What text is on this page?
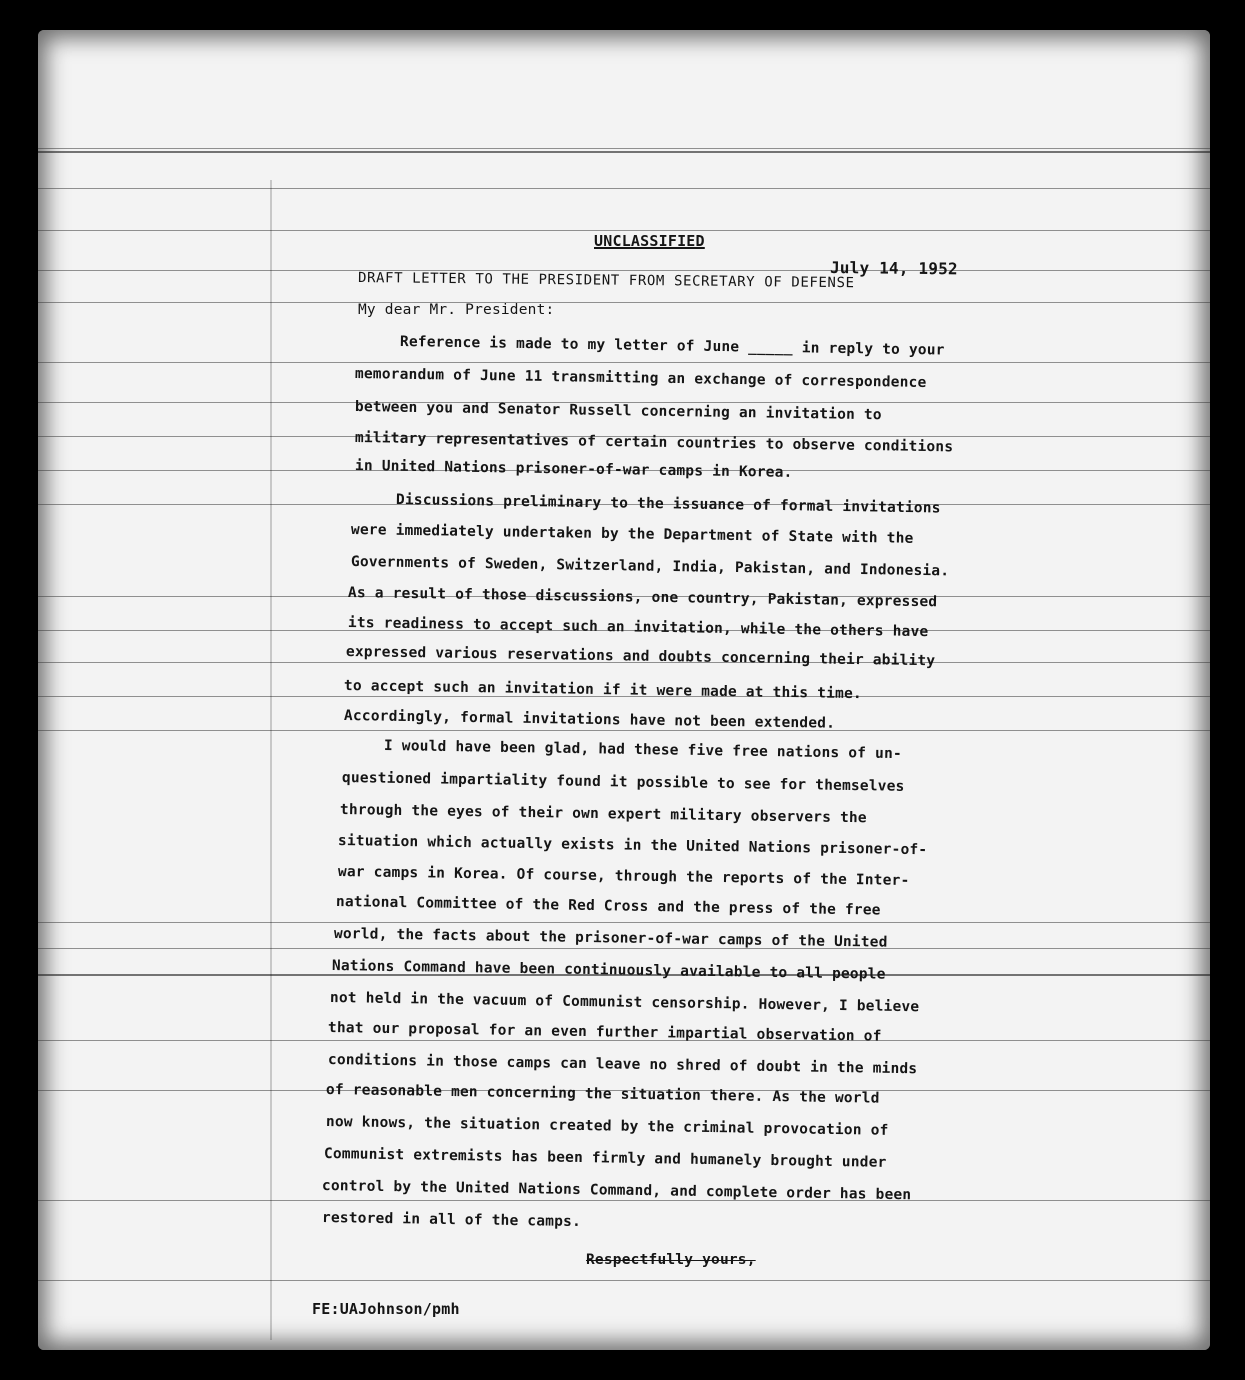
UNCLASSIFIED
July 14, 1952
DRAFT LETTER TO THE PRESIDENT FROM SECRETARY OF DEFENSE
My dear Mr. President:
Reference is made to my letter of June _____ in reply to your
memorandum of June 11 transmitting an exchange of correspondence
between you and Senator Russell concerning an invitation to
military representatives of certain countries to observe conditions
in United Nations prisoner-of-war camps in Korea.
Discussions preliminary to the issuance of formal invitations
were immediately undertaken by the Department of State with the
Governments of Sweden, Switzerland, India, Pakistan, and Indonesia.
As a result of those discussions, one country, Pakistan, expressed
its readiness to accept such an invitation, while the others have
expressed various reservations and doubts concerning their ability
to accept such an invitation if it were made at this time.
Accordingly, formal invitations have not been extended.
I would have been glad, had these five free nations of un-
questioned impartiality found it possible to see for themselves
through the eyes of their own expert military observers the
situation which actually exists in the United Nations prisoner-of-
war camps in Korea. Of course, through the reports of the Inter-
national Committee of the Red Cross and the press of the free
world, the facts about the prisoner-of-war camps of the United
Nations Command have been continuously available to all people
not held in the vacuum of Communist censorship. However, I believe
that our proposal for an even further impartial observation of
conditions in those camps can leave no shred of doubt in the minds
of reasonable men concerning the situation there. As the world
now knows, the situation created by the criminal provocation of
Communist extremists has been firmly and humanely brought under
control by the United Nations Command, and complete order has been
restored in all of the camps.
Respectfully yours,
FE:UAJohnson/pmh
